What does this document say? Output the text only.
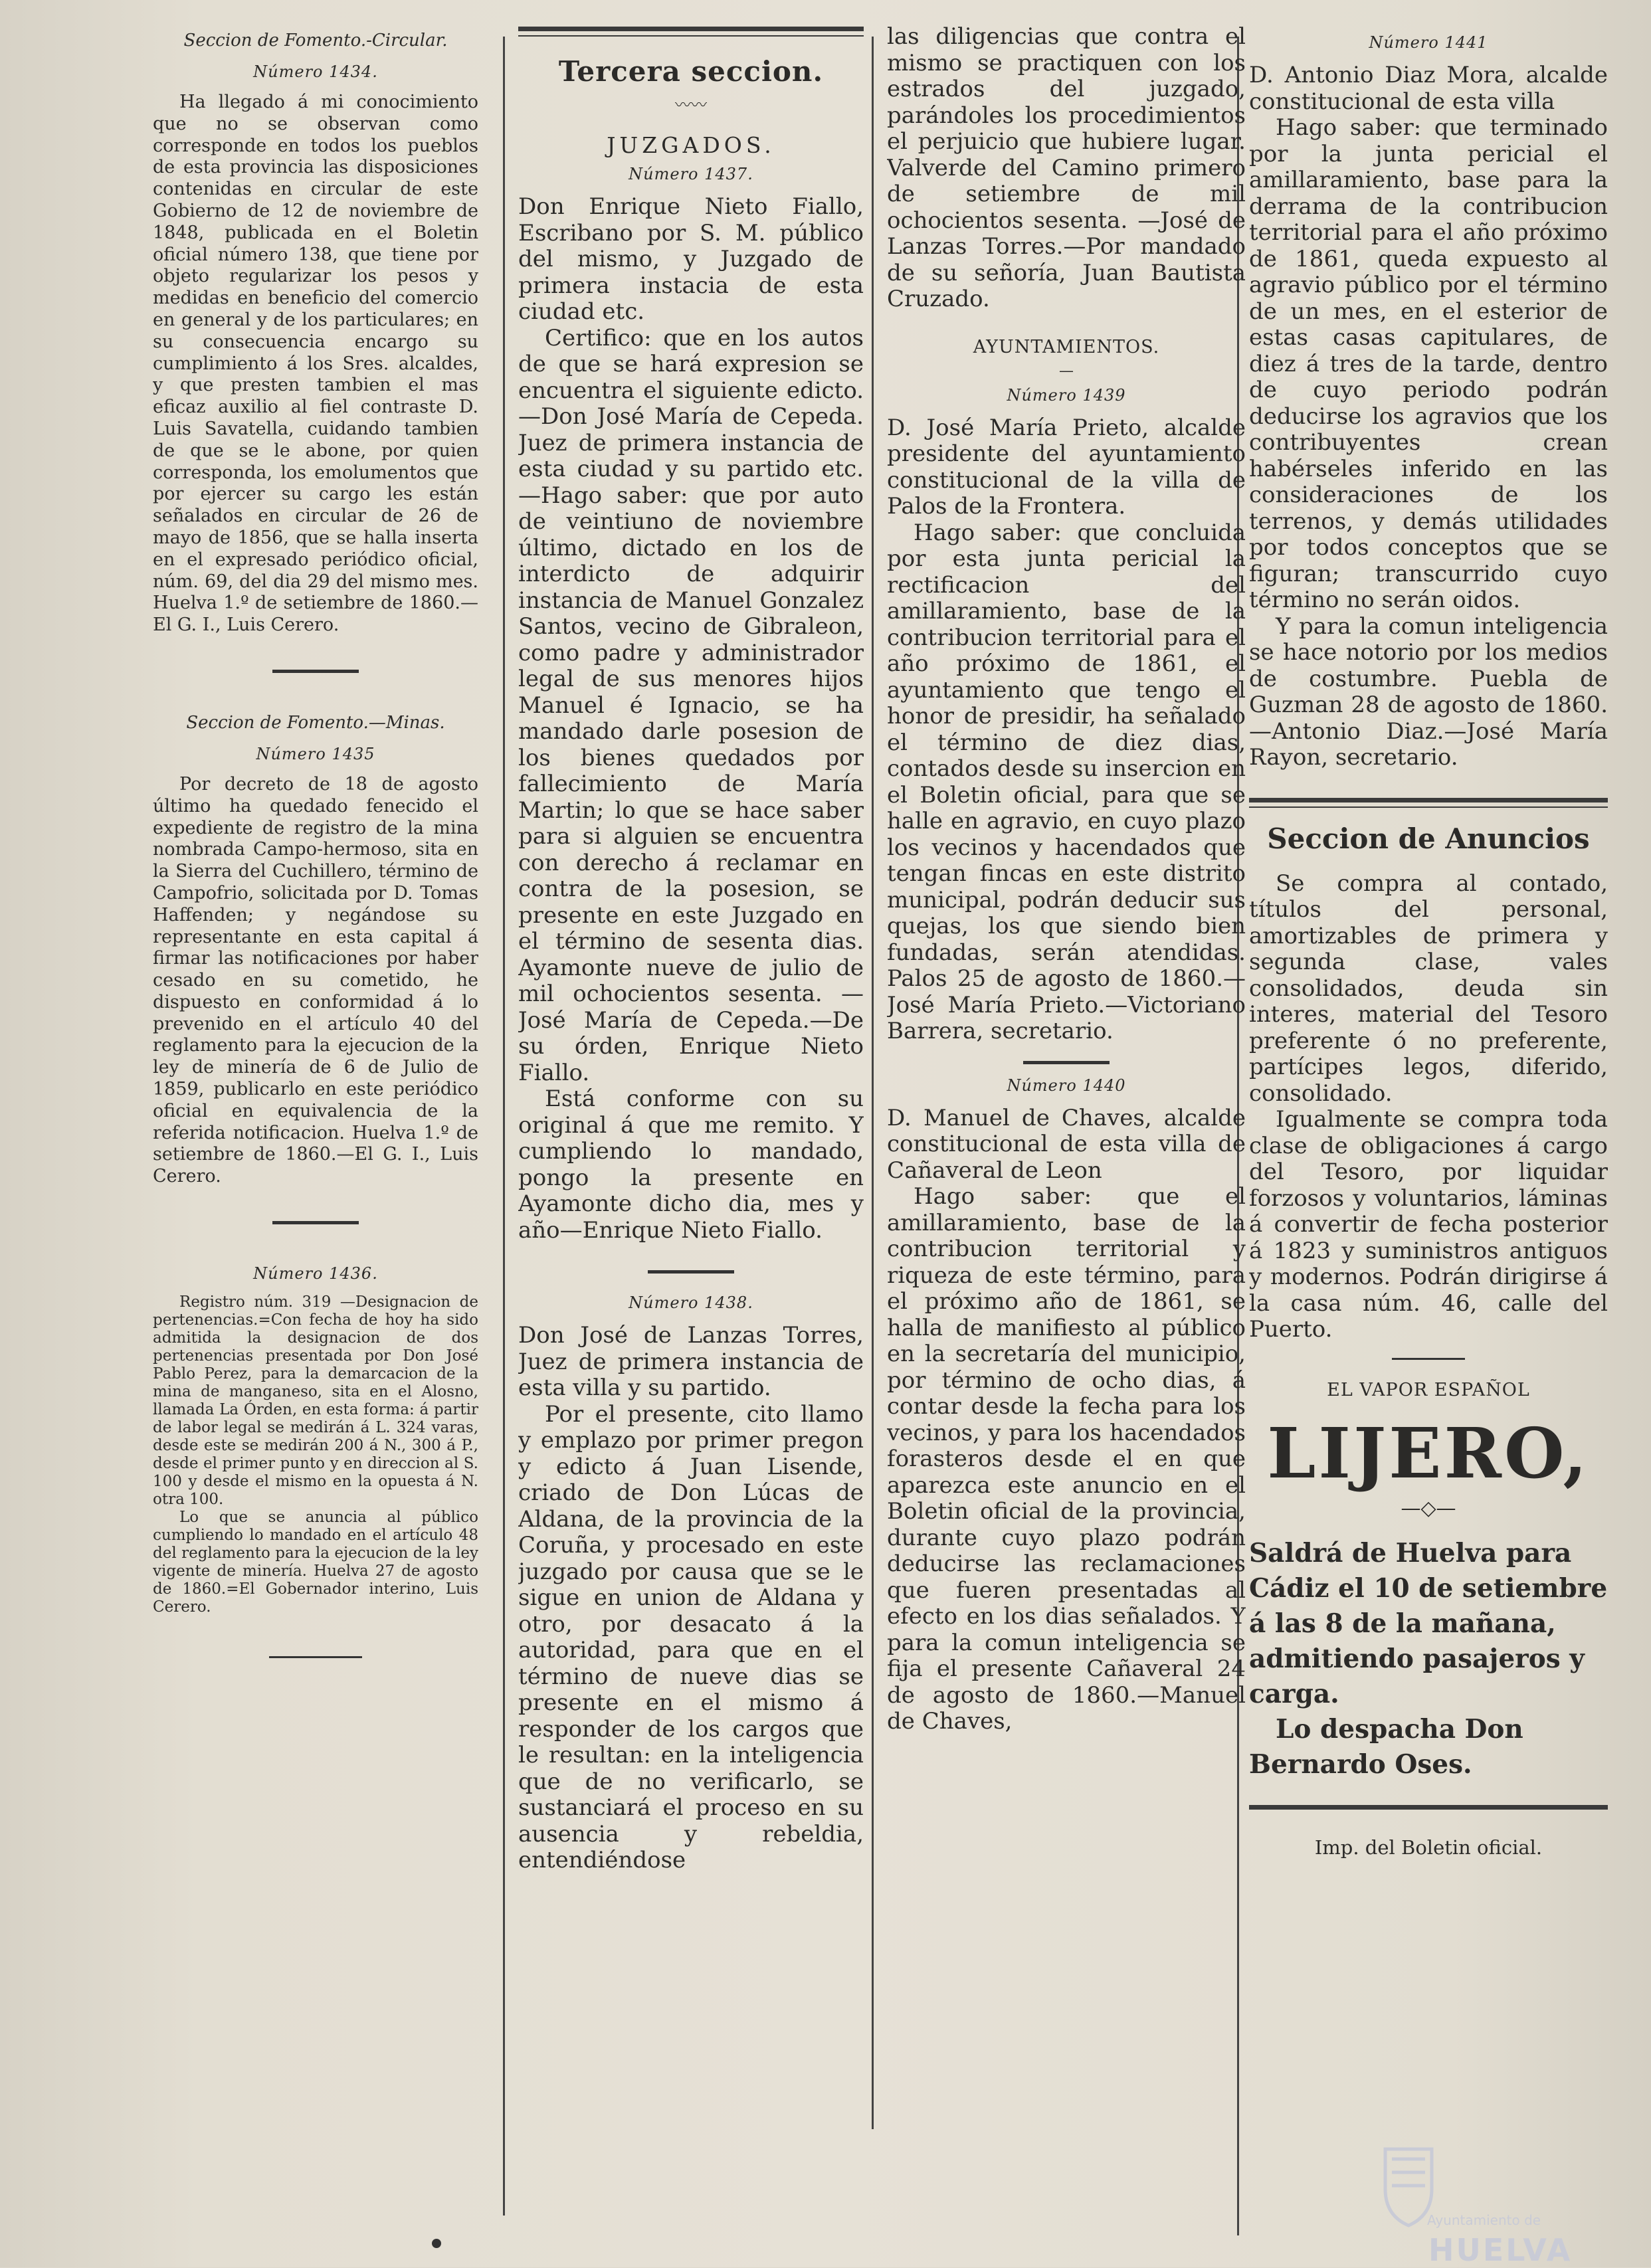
Seccion de Fomento.-Circular.
Número 1434.

Ha llegado á mi conocimiento que no se observan como corresponde en todos los pueblos de esta provincia las disposiciones contenidas en circular de este Gobierno de 12 de noviembre de 1848, publicada en el Boletin oficial número 138, que tiene por objeto regularizar los pesos y medidas en beneficio del comercio en general y de los particulares; en su consecuencia encargo su cumplimiento á los Sres. alcaldes, y que presten tambien el mas eficaz auxilio al fiel contraste D. Luis Savatella, cuidando tambien de que se le abone, por quien corresponda, los emolumentos que por ejercer su cargo les están señalados en circular de 26 de mayo de 1856, que se halla inserta en el expresado periódico oficial, núm. 69, del dia 29 del mismo mes. Huelva 1.º de setiembre de 1860.—El G. I., Luis Cerero.

Seccion de Fomento.—Minas.
Número 1435

Por decreto de 18 de agosto último ha quedado fenecido el expediente de registro de la mina nombrada Campo-hermoso, sita en la Sierra del Cuchillero, término de Campofrio, solicitada por D. Tomas Haffenden; y negándose su representante en esta capital á firmar las notificaciones por haber cesado en su cometido, he dispuesto en conformidad á lo prevenido en el artículo 40 del reglamento para la ejecucion de la ley de minería de 6 de Julio de 1859, publicarlo en este periódico oficial en equivalencia de la referida notificacion. Huelva 1.º de setiembre de 1860.—El G. I., Luis Cerero.

Número 1436.

Registro núm. 319 —Designacion de pertenencias.=Con fecha de hoy ha sido admitida la designacion de dos pertenencias presentada por Don José Pablo Perez, para la demarcacion de la mina de manganeso, sita en el Alosno, llamada La Órden, en esta forma: á partir de labor legal se medirán á L. 324 varas, desde este se medirán 200 á N., 300 á P., desde el primer punto y en direccion al S. 100 y desde el mismo en la opuesta á N. otra 100.

Lo que se anuncia al público cumpliendo lo mandado en el artículo 48 del reglamento para la ejecucion de la ley vigente de minería. Huelva 27 de agosto de 1860.=El Gobernador interino, Luis Cerero.

Tercera seccion.
〰〰
JUZGADOS.
Número 1437.

Don Enrique Nieto Fiallo, Escribano por S. M. público del mismo, y Juzgado de primera instacia de esta ciudad etc.

Certifico: que en los autos de que se hará expresion se encuentra el siguiente edicto. —Don José María de Cepeda. Juez de primera instancia de esta ciudad y su partido etc.—Hago saber: que por auto de veintiuno de noviembre último, dictado en los de interdicto de adquirir instancia de Manuel Gonzalez Santos, vecino de Gibraleon, como padre y administrador legal de sus menores hijos Manuel é Ignacio, se ha mandado darle posesion de los bienes quedados por fallecimiento de María Martin; lo que se hace saber para si alguien se encuentra con derecho á reclamar en contra de la posesion, se presente en este Juzgado en el término de sesenta dias. Ayamonte nueve de julio de mil ochocientos sesenta. —José María de Cepeda.—De su órden, Enrique Nieto Fiallo.

Está conforme con su original á que me remito. Y cumpliendo lo mandado, pongo la presente en Ayamonte dicho dia, mes y año—Enrique Nieto Fiallo.

Número 1438.

Don José de Lanzas Torres, Juez de primera instancia de esta villa y su partido.

Por el presente, cito llamo y emplazo por primer pregon y edicto á Juan Lisende, criado de Don Lúcas de Aldana, de la provincia de la Coruña, y procesado en este juzgado por causa que se le sigue en union de Aldana y otro, por desacato á la autoridad, para que en el término de nueve dias se presente en el mismo á responder de los cargos que le resultan: en la inteligencia que de no verificarlo, se sustanciará el proceso en su ausencia y rebeldia, entendiéndose

las diligencias que contra el mismo se practiquen con los estrados del juzgado, parándoles los procedimientos el perjuicio que hubiere lugar. Valverde del Camino primero de setiembre de mil ochocientos sesenta. —José de Lanzas Torres.—Por mandado de su señoría, Juan Bautista Cruzado.

AYUNTAMIENTOS.
—
Número 1439

D. José María Prieto, alcalde presidente del ayuntamiento constitucional de la villa de Palos de la Frontera.

Hago saber: que concluida por esta junta pericial la rectificacion del amillaramiento, base de la contribucion territorial para el año próximo de 1861, el ayuntamiento que tengo el honor de presidir, ha señalado el término de diez dias, contados desde su insercion en el Boletin oficial, para que se halle en agravio, en cuyo plazo los vecinos y hacendados que tengan fincas en este distrito municipal, podrán deducir sus quejas, los que siendo bien fundadas, serán atendidas. Palos 25 de agosto de 1860.—José María Prieto.—Victoriano Barrera, secretario.

Número 1440

D. Manuel de Chaves, alcalde constitucional de esta villa de Cañaveral de Leon

Hago saber: que el amillaramiento, base de la contribucion territorial y riqueza de este término, para el próximo año de 1861, se halla de manifiesto al público en la secretaría del municipio, por término de ocho dias, á contar desde la fecha para los vecinos, y para los hacendados forasteros desde el en que aparezca este anuncio en el Boletin oficial de la provincia, durante cuyo plazo podrán deducirse las reclamaciones que fueren presentadas al efecto en los dias señalados. Y para la comun inteligencia se fija el presente Cañaveral 24 de agosto de 1860.—Manuel de Chaves,

Número 1441

D. Antonio Diaz Mora, alcalde constitucional de esta villa

Hago saber: que terminado por la junta pericial el amillaramiento, base para la derrama de la contribucion territorial para el año próximo de 1861, queda expuesto al agravio público por el término de un mes, en el esterior de estas casas capitulares, de diez á tres de la tarde, dentro de cuyo periodo podrán deducirse los agravios que los contribuyentes crean habérseles inferido en las consideraciones de los terrenos, y demás utilidades por todos conceptos que se figuran; transcurrido cuyo término no serán oidos.

Y para la comun inteligencia se hace notorio por los medios de costumbre. Puebla de Guzman 28 de agosto de 1860. —Antonio Diaz.—José María Rayon, secretario.

Seccion de Anuncios

Se compra al contado, títulos del personal, amortizables de primera y segunda clase, vales consolidados, deuda sin interes, material del Tesoro preferente ó no preferente, partícipes legos, diferido, consolidado.

Igualmente se compra toda clase de obligaciones á cargo del Tesoro, por liquidar forzosos y voluntarios, láminas á convertir de fecha posterior á 1823 y suministros antiguos y modernos. Podrán dirigirse á la casa núm. 46, calle del Puerto.

EL VAPOR ESPAÑOL
LIJERO,
—◇—

Saldrá de Huelva para Cádiz el 10 de setiembre á las 8 de la mañana, admitiendo pasajeros y carga.

Lo despacha Don Bernardo Oses.

Imp. del Boletin oficial.
Ayuntamiento de
HUELVA
